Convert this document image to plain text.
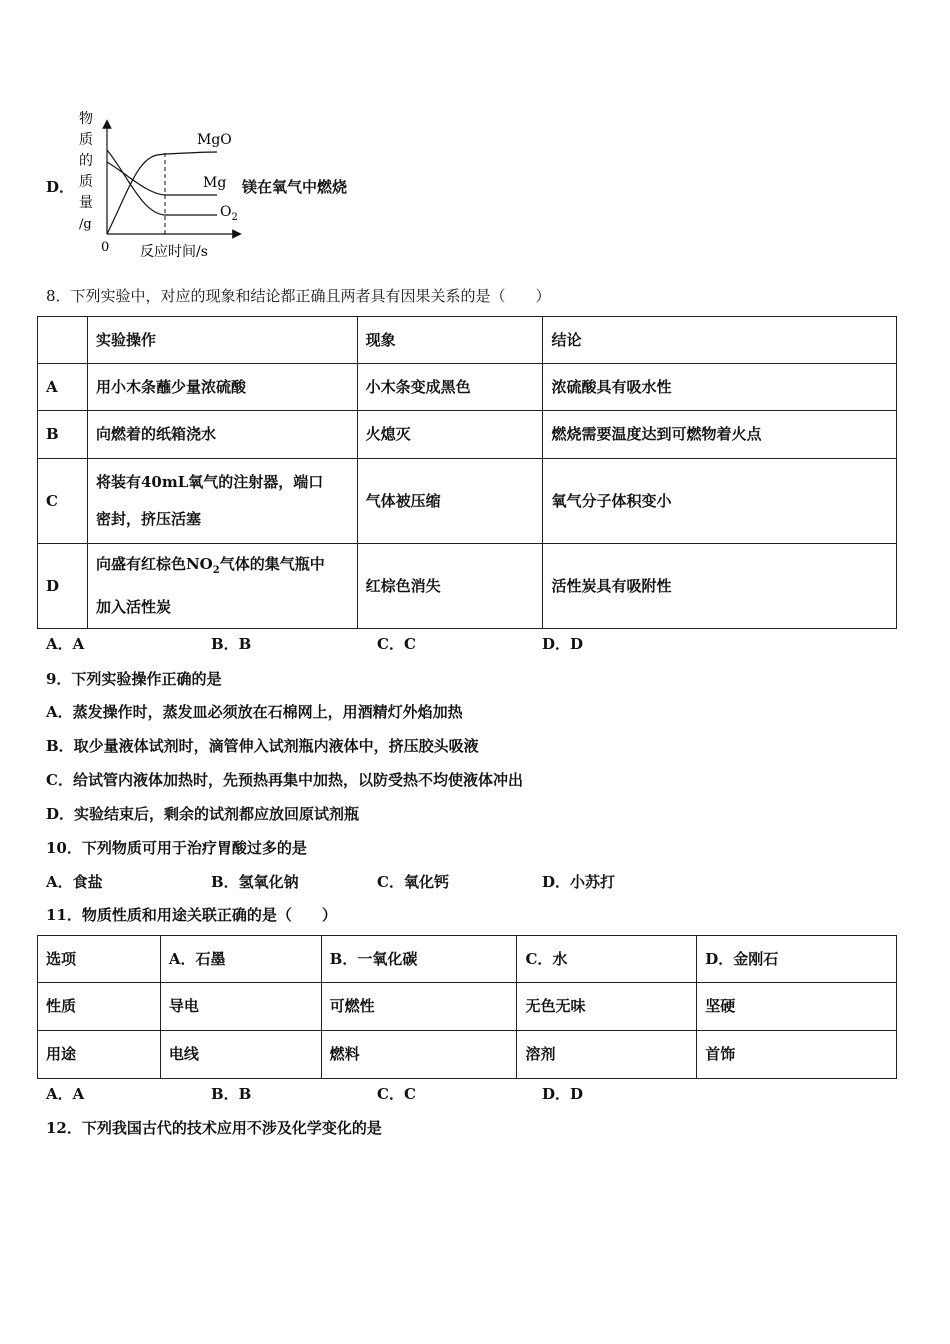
D．
物
质
的
质
量
/g
0 反应时间/s
MgO
Mg
$O_2$
镁在氧气中燃烧
8．下列实验中，对应的现象和结论都正确且两者具有因果关系的是（　　）
	实验操作	现象	结论
A	用小木条蘸少量浓硫酸	小木条变成黑色	浓硫酸具有吸水性
B	向燃着的纸箱浇水	火熄灭	燃烧需要温度达到可燃物着火点
C	将装有40mL氧气的注射器，端口
密封，挤压活塞	气体被压缩	氧气分子体积变小
D	向盛有红棕色$NO_2$气体的集气瓶中
加入活性炭	红棕色消失	活性炭具有吸附性
A．A	B．B	C．C	D．D
9．下列实验操作正确的是
A．蒸发操作时，蒸发皿必须放在石棉网上，用酒精灯外焰加热
B．取少量液体试剂时，滴管伸入试剂瓶内液体中，挤压胶头吸液
C．给试管内液体加热时，先预热再集中加热，以防受热不均使液体冲出
D．实验结束后，剩余的试剂都应放回原试剂瓶
10．下列物质可用于治疗胃酸过多的是
A．食盐	B．氢氧化钠	C．氧化钙	D．小苏打
11．物质性质和用途关联正确的是（　　）
选项	A．石墨	B．一氧化碳	C．水	D．金刚石
性质	导电	可燃性	无色无味	坚硬
用途	电线	燃料	溶剂	首饰
A．A	B．B	C．C	D．D
12．下列我国古代的技术应用不涉及化学变化的是
